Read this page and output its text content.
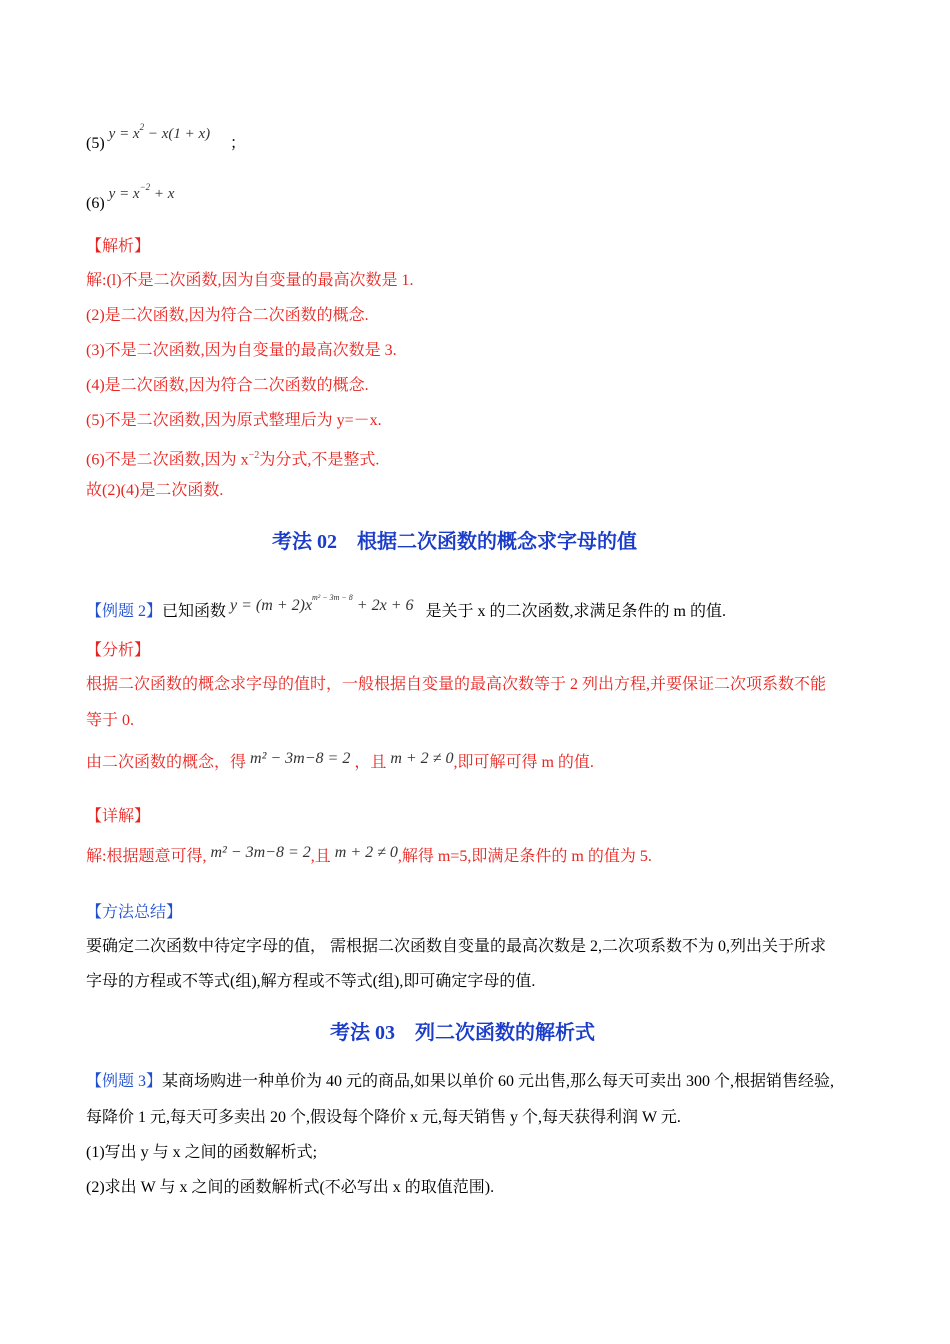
(5) $y = x^2 - x(1 + x)$  ；
(6) $y = x^{-2} + x$
【解析】
解:(l)不是二次函数,因为自变量的最高次数是 1.
(2)是二次函数,因为符合二次函数的概念.
(3)不是二次函数,因为自变量的最高次数是 3.
(4)是二次函数,因为符合二次函数的概念.
(5)不是二次函数,因为原式整理后为 y=－x.
(6)不是二次函数,因为 $x^{-2}$为分式,不是整式.
故(2)(4)是二次函数.
考法 02　根据二次函数的概念求字母的值
【例题 2】已知函数 $y = (m + 2)x^{m^2 - 3m - 8} + 2x + 6$ 是关于 x 的二次函数,求满足条件的 m 的值.
【分析】
根据二次函数的概念求字母的值时，一般根据自变量的最高次数等于 2 列出方程,并要保证二次项系数不能
等于 0.
由二次函数的概念，得 m² − 3m−8 = 2 ，且 m + 2 ≠ 0,即可解可得 m 的值.
【详解】
解:根据题意可得, m² − 3m−8 = 2,且 m + 2 ≠ 0,解得 m=5,即满足条件的 m 的值为 5.
【方法总结】
要确定二次函数中待定字母的值， 需根据二次函数自变量的最高次数是 2,二次项系数不为 0,列出关于所求
字母的方程或不等式(组),解方程或不等式(组),即可确定字母的值.
考法 03　列二次函数的解析式
【例题 3】某商场购进一种单价为 40 元的商品,如果以单价 60 元出售,那么每天可卖出 300 个,根据销售经验,
每降价 1 元,每天可多卖出 20 个,假设每个降价 x 元,每天销售 y 个,每天获得利润 W 元.
(1)写出 y 与 x 之间的函数解析式;
(2)求出 W 与 x 之间的函数解析式(不必写出 x 的取值范围).
